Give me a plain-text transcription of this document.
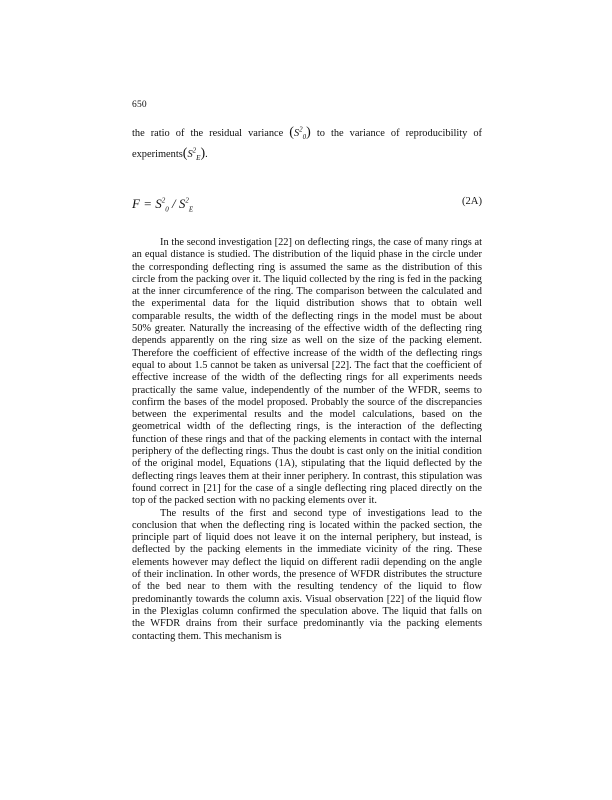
650

the ratio of the residual variance $(S^2_0)$ to the variance of reproducibility of $experiments(S^2_E)$.

$F = S^2_0 / S^2_E$
(2A)

In the second investigation [22] on deflecting rings, the case of many rings at an equal distance is studied. The distribution of the liquid phase in the circle under the corresponding deflecting ring is assumed the same as the distribution of this circle from the packing over it. The liquid collected by the ring is fed in the packing at the inner circumference of the ring. The comparison between the calculated and the experimental data for the liquid distribution shows that to obtain well comparable results, the width of the deflecting rings in the model must be about 50% greater. Naturally the increasing of the effective width of the deflecting ring depends apparently on the ring size as well on the size of the packing element. Therefore the coefficient of effective increase of the width of the deflecting rings equal to about 1.5 cannot be taken as universal [22]. The fact that the coefficient of effective increase of the width of the deflecting rings for all experiments needs practically the same value, independently of the number of the WFDR, seems to confirm the bases of the model proposed. Probably the source of the discrepancies between the experimental results and the model calculations, based on the geometrical width of the deflecting rings, is the interaction of the deflecting function of these rings and that of the packing elements in contact with the internal periphery of the deflecting rings. Thus the doubt is cast only on the initial condition of the original model, Equations (1A), stipulating that the liquid deflected by the deflecting rings leaves them at their inner periphery. In contrast, this stipulation was found correct in [21] for the case of a single deflecting ring placed directly on the top of the packed section with no packing elements over it.

The results of the first and second type of investigations lead to the conclusion that when the deflecting ring is located within the packed section, the principle part of liquid does not leave it on the internal periphery, but instead, is deflected by the packing elements in the immediate vicinity of the ring. These elements however may deflect the liquid on different radii depending on the angle of their inclination. In other words, the presence of WFDR distributes the structure of the bed near to them with the resulting tendency of the liquid to flow predominantly towards the column axis. Visual observation [22] of the liquid flow in the Plexiglas column confirmed the speculation above. The liquid that falls on the WFDR drains from their surface predominantly via the packing elements contacting them. This mechanism is
